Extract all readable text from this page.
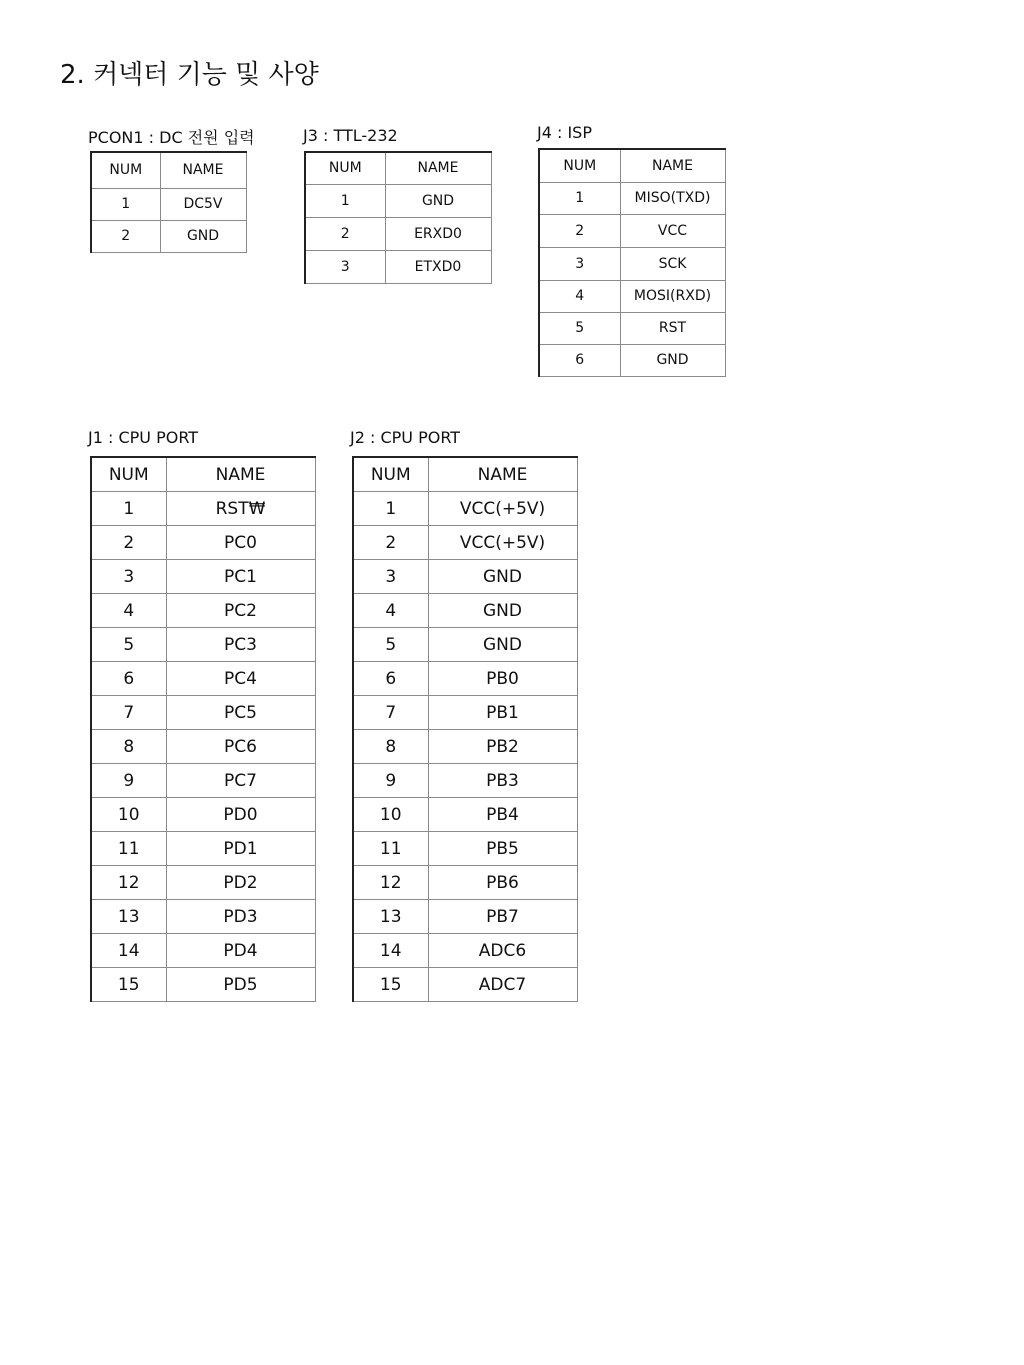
2. 커넥터 기능 및 사양
PCON1 : DC 전원 입력
NUM	NAME
1	DC5V
2	GND
J3 : TTL-232
NUM	NAME
1	GND
2	ERXD0
3	ETXD0
J4 : ISP
NUM	NAME
1	MISO(TXD)
2	VCC
3	SCK
4	MOSI(RXD)
5	RST
6	GND
J1 : CPU PORT
NUM	NAME
1	RST₩
2	PC0
3	PC1
4	PC2
5	PC3
6	PC4
7	PC5
8	PC6
9	PC7
10	PD0
11	PD1
12	PD2
13	PD3
14	PD4
15	PD5
J2 : CPU PORT
NUM	NAME
1	VCC(+5V)
2	VCC(+5V)
3	GND
4	GND
5	GND
6	PB0
7	PB1
8	PB2
9	PB3
10	PB4
11	PB5
12	PB6
13	PB7
14	ADC6
15	ADC7
